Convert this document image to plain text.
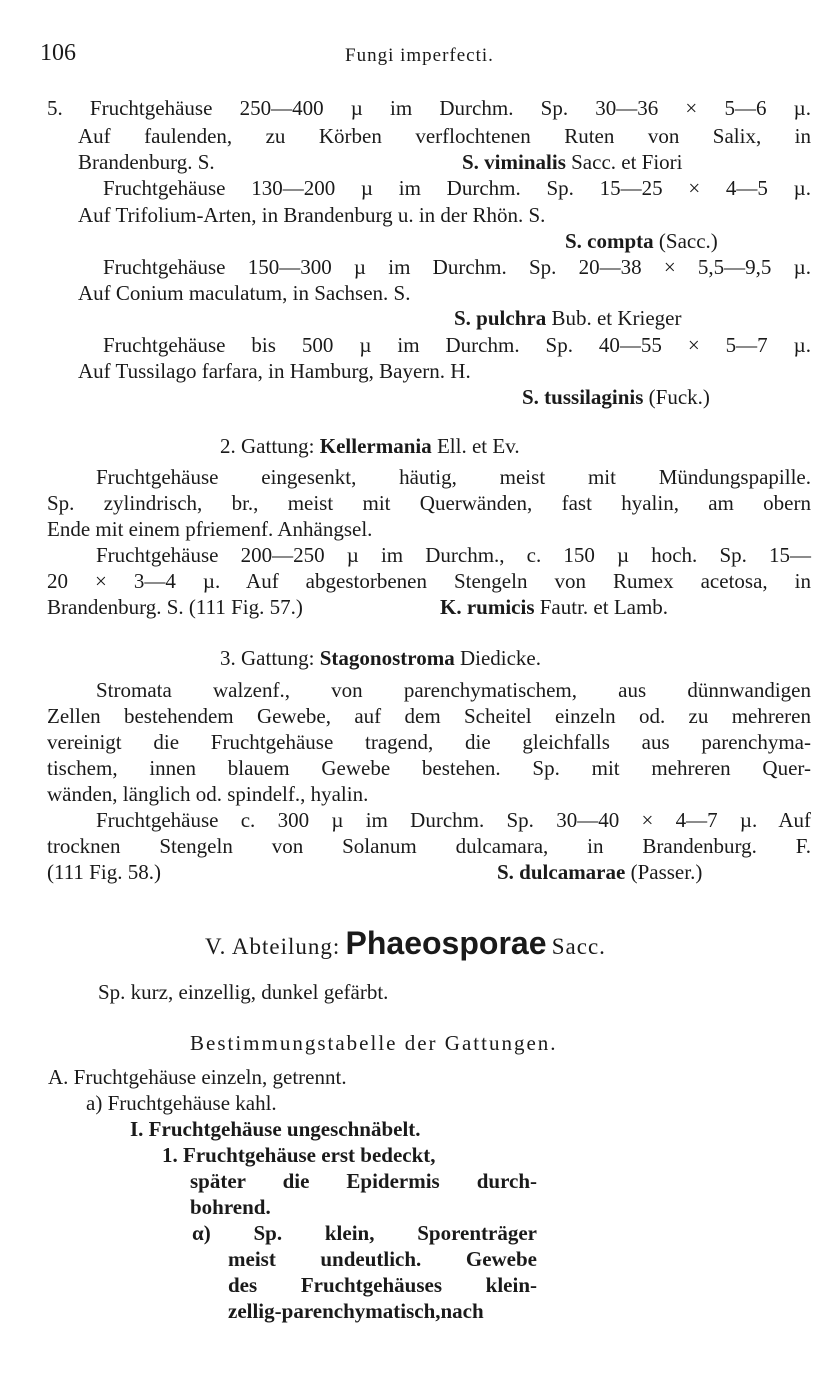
106	Fungi imperfecti.
5. Fruchtgehäuse 250—400 µ im Durchm. Sp. 30—36 × 5—6 µ.
Auf faulenden, zu Körben verflochtenen Ruten von Salix, in
Brandenburg. S.	S. viminalis Sacc. et Fiori
Fruchtgehäuse 130—200 µ im Durchm. Sp. 15—25 × 4—5 µ.
Auf Trifolium-Arten, in Brandenburg u. in der Rhön. S.
S. compta (Sacc.)
Fruchtgehäuse 150—300 µ im Durchm. Sp. 20—38 × 5,5—9,5 µ.
Auf Conium maculatum, in Sachsen. S.
S. pulchra Bub. et Krieger
Fruchtgehäuse bis 500 µ im Durchm. Sp. 40—55 × 5—7 µ.
Auf Tussilago farfara, in Hamburg, Bayern. H.
S. tussilaginis (Fuck.)
2. Gattung: Kellermania Ell. et Ev.
Fruchtgehäuse eingesenkt, häutig, meist mit Mündungspapille.
Sp. zylindrisch, br., meist mit Querwänden, fast hyalin, am obern
Ende mit einem pfriemenf. Anhängsel.
Fruchtgehäuse 200—250 µ im Durchm., c. 150 µ hoch. Sp. 15—
20 × 3—4 µ. Auf abgestorbenen Stengeln von Rumex acetosa, in
Brandenburg. S. (111 Fig. 57.)	K. rumicis Fautr. et Lamb.
3. Gattung: Stagonostroma Diedicke.
Stromata walzenf., von parenchymatischem, aus dünnwandigen
Zellen bestehendem Gewebe, auf dem Scheitel einzeln od. zu mehreren
vereinigt die Fruchtgehäuse tragend, die gleichfalls aus parenchyma-
tischem, innen blauem Gewebe bestehen. Sp. mit mehreren Quer-
wänden, länglich od. spindelf., hyalin.
Fruchtgehäuse c. 300 µ im Durchm. Sp. 30—40 × 4—7 µ. Auf
trocknen Stengeln von Solanum dulcamara, in Brandenburg. F.
(111 Fig. 58.)	S. dulcamarae (Passer.)
V. Abteilung: Phaeosporae Sacc.
Sp. kurz, einzellig, dunkel gefärbt.
Bestimmungstabelle der Gattungen.
A. Fruchtgehäuse einzeln, getrennt.
a) Fruchtgehäuse kahl.
I. Fruchtgehäuse ungeschnäbelt.
1. Fruchtgehäuse erst bedeckt,
später die Epidermis durch-
bohrend.
α) Sp. klein, Sporenträger
meist undeutlich. Gewebe
des Fruchtgehäuses klein-
zellig-parenchymatisch,nach
